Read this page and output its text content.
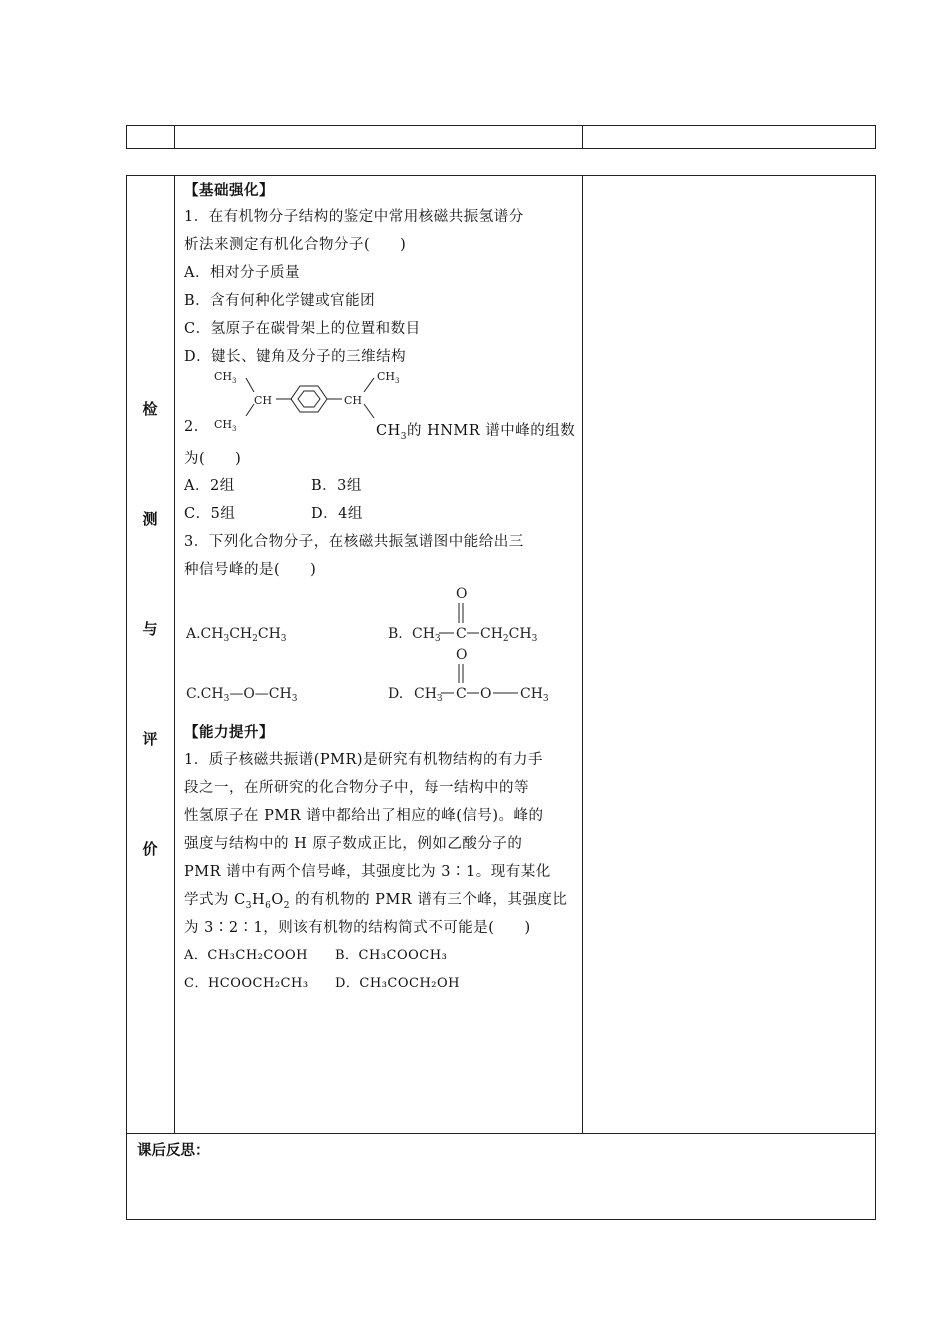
检
测
与
评
价
【基础强化】
1．在有机物分子结构的鉴定中常用核磁共振氢谱分
析法来测定有机化合物分子(　　)
A．相对分子质量
B．含有何种化学键或官能团
C．氢原子在碳骨架上的位置和数目
D．键长、键角及分子的三维结构
$CH_3$
$CH_3$
CH	CH
$CH_3$
2.	$CH_3$的 HNMR 谱中峰的组数
为(　　)
A．2组	B．3组
C．5组	D．4组
3．下列化合物分子，在核磁共振氢谱图中能给出三
种信号峰的是(　　)
$A.CH_3CH_2CH_3$	B. $CH_3$ C $CH_2CH_3$
O
$C.CH_3—O—CH_3$	D. $CH_3$ C O $CH_3$
O
【能力提升】
1．质子核磁共振谱(PMR)是研究有机物结构的有力手
段之一，在所研究的化合物分子中，每一结构中的等
性氢原子在 PMR 谱中都给出了相应的峰(信号)。峰的
强度与结构中的 H 原子数成正比，例如乙酸分子的
PMR 谱中有两个信号峰，其强度比为 3∶1。现有某化
学式为 $C_3H_6O_2$ 的有机物的 PMR 谱有三个峰，其强度比
为 3∶2∶1，则该有机物的结构简式不可能是(　　)
A．CH₃CH₂COOH B．CH₃COOCH₃
C．HCOOCH₂CH₃ D．CH₃COCH₂OH
课后反思：
